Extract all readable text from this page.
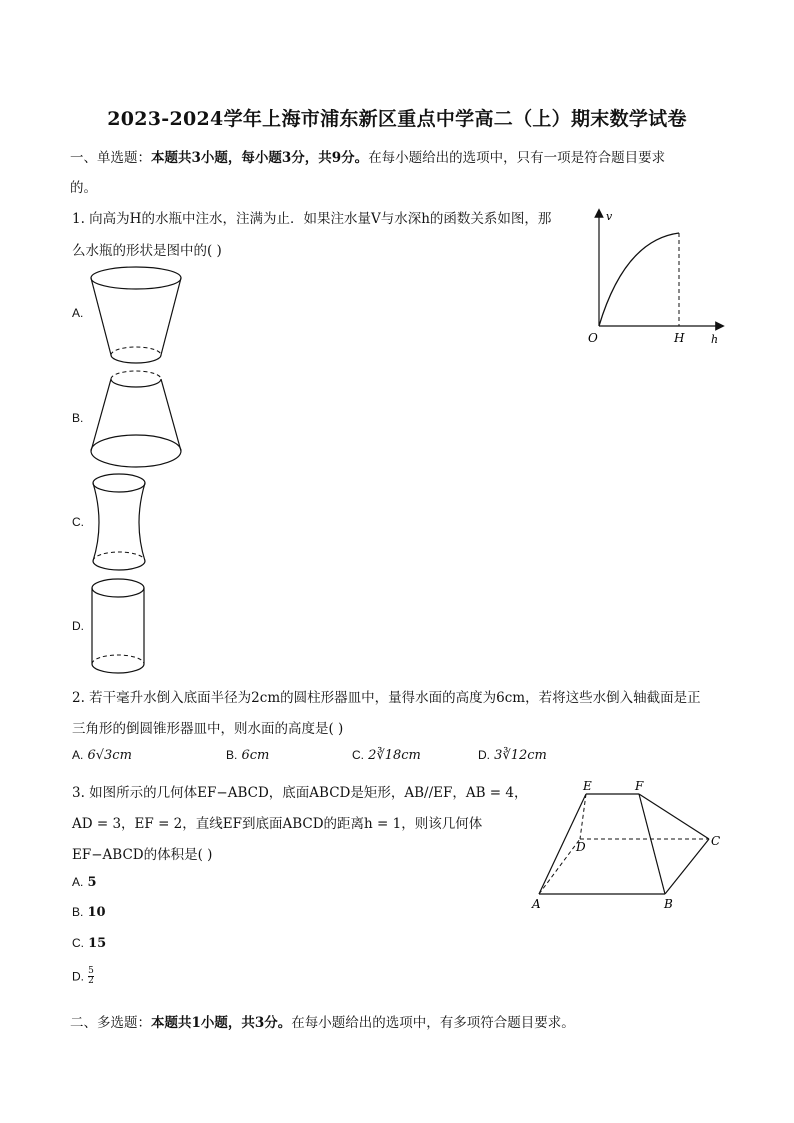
2023-2024学年上海市浦东新区重点中学高二（上）期末数学试卷
一、单选题：本题共3小题，每小题3分，共9分。在每小题给出的选项中，只有一项是符合题目要求
的。
1. 向高为H的水瓶中注水，注满为止．如果注水量V与水深h的函数关系如图，那
么水瓶的形状是图中的( )
v
h
O	H
A.
B.
C.
D.
2. 若干毫升水倒入底面半径为2cm的圆柱形器皿中，量得水面的高度为6cm，若将这些水倒入轴截面是正
三角形的倒圆锥形器皿中，则水面的高度是( )
A. 6√3cm	B. 6cm	C. 2∛18cm	D. 3∛12cm
3. 如图所示的几何体EF−ABCD，底面ABCD是矩形，AB//EF，AB = 4，
AD = 3，EF = 2，直线EF到底面ABCD的距离h = 1，则该几何体
EF−ABCD的体积是( )
E	F
C
D
A	B
A. 5
B. 10
C. 15
D. $\frac{5}{2}$
二、多选题：本题共1小题，共3分。在每小题给出的选项中，有多项符合题目要求。
